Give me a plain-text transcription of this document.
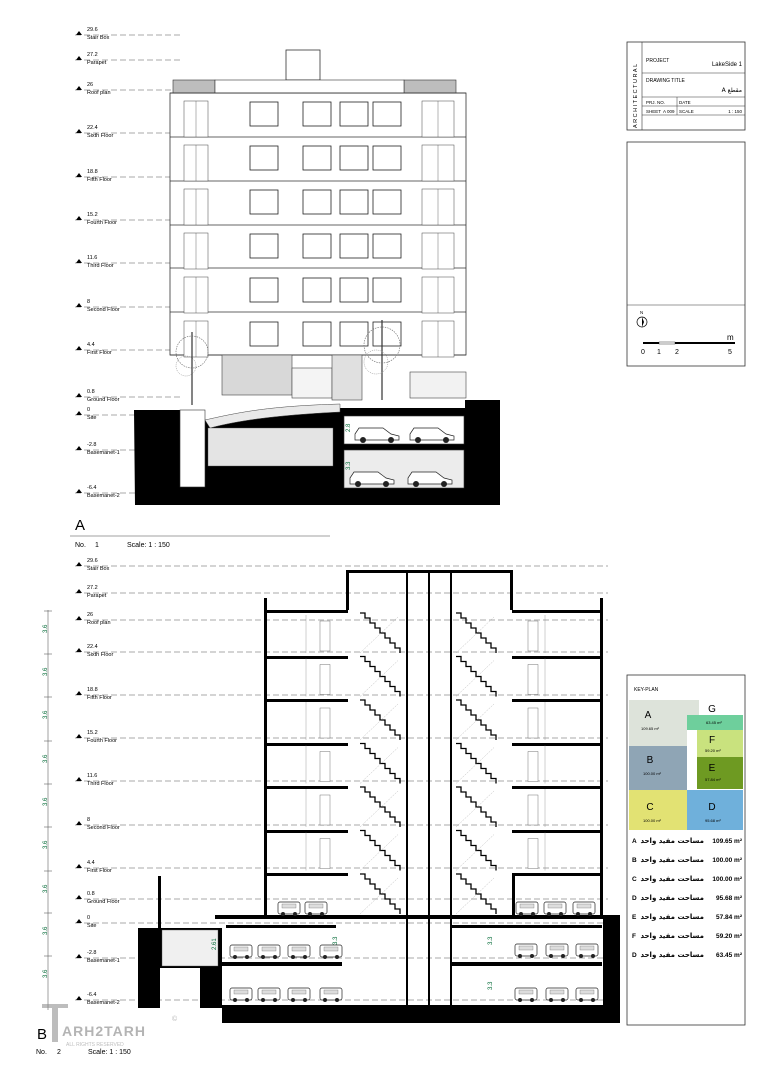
29.6
Stair Box
27.2
Parapet
26
Roof plan
22.4
Sixth Floor
18.8
Fifth Floor
15.2
Fourth Floor
11.6
Third Floor
8
Second Floor
4.4
First Floor
0.8
Ground Floor
0
Site
-2.8
Basemanet-1
-6.4
Basemanet-2
2.8
3.3
A
No. 1	Scale: 1 : 150
29.6
Stair Box
27.2
Parapet
26
Roof plan
22.4
Sixth Floor
18.8
Fifth Floor
15.2
Fourth Floor
11.6
Third Floor
8
Second Floor
4.4
First Floor
0.8
Ground Floor
0
Site
-2.8
Basemanet-1
-6.4
Basemanet-2
3.6
3.6
3.6
3.6
3.6
3.6
3.6
3.6
3.6
2.61	3.3	3.3
3.3
B
No. 2	Scale: 1 : 150
ARH2TARH
ALL RIGHTS RESERVED
©
ARCHITECTURAL
PROJECT
LakeSide 1
DRAWING TITLE
A مقطع
PRJ. NO.	DATE
SHEET A 009 SCALE	1 : 150
N
m
0 1 2	5
KEY-PLAN
A
109.65 m²
G
63.45 m²
F
59.20 m²
B
100.00 m²	E
57.84 m²
C
100.00 m²
D
95.68 m²
A مساحت مفید واحد 109.65 m²
B مساحت مفید واحد 100.00 m²
C مساحت مفید واحد 100.00 m²
D مساحت مفید واحد 95.68 m²
E مساحت مفید واحد 57.84 m²
F مساحت مفید واحد 59.20 m²
D مساحت مفید واحد 63.45 m²
